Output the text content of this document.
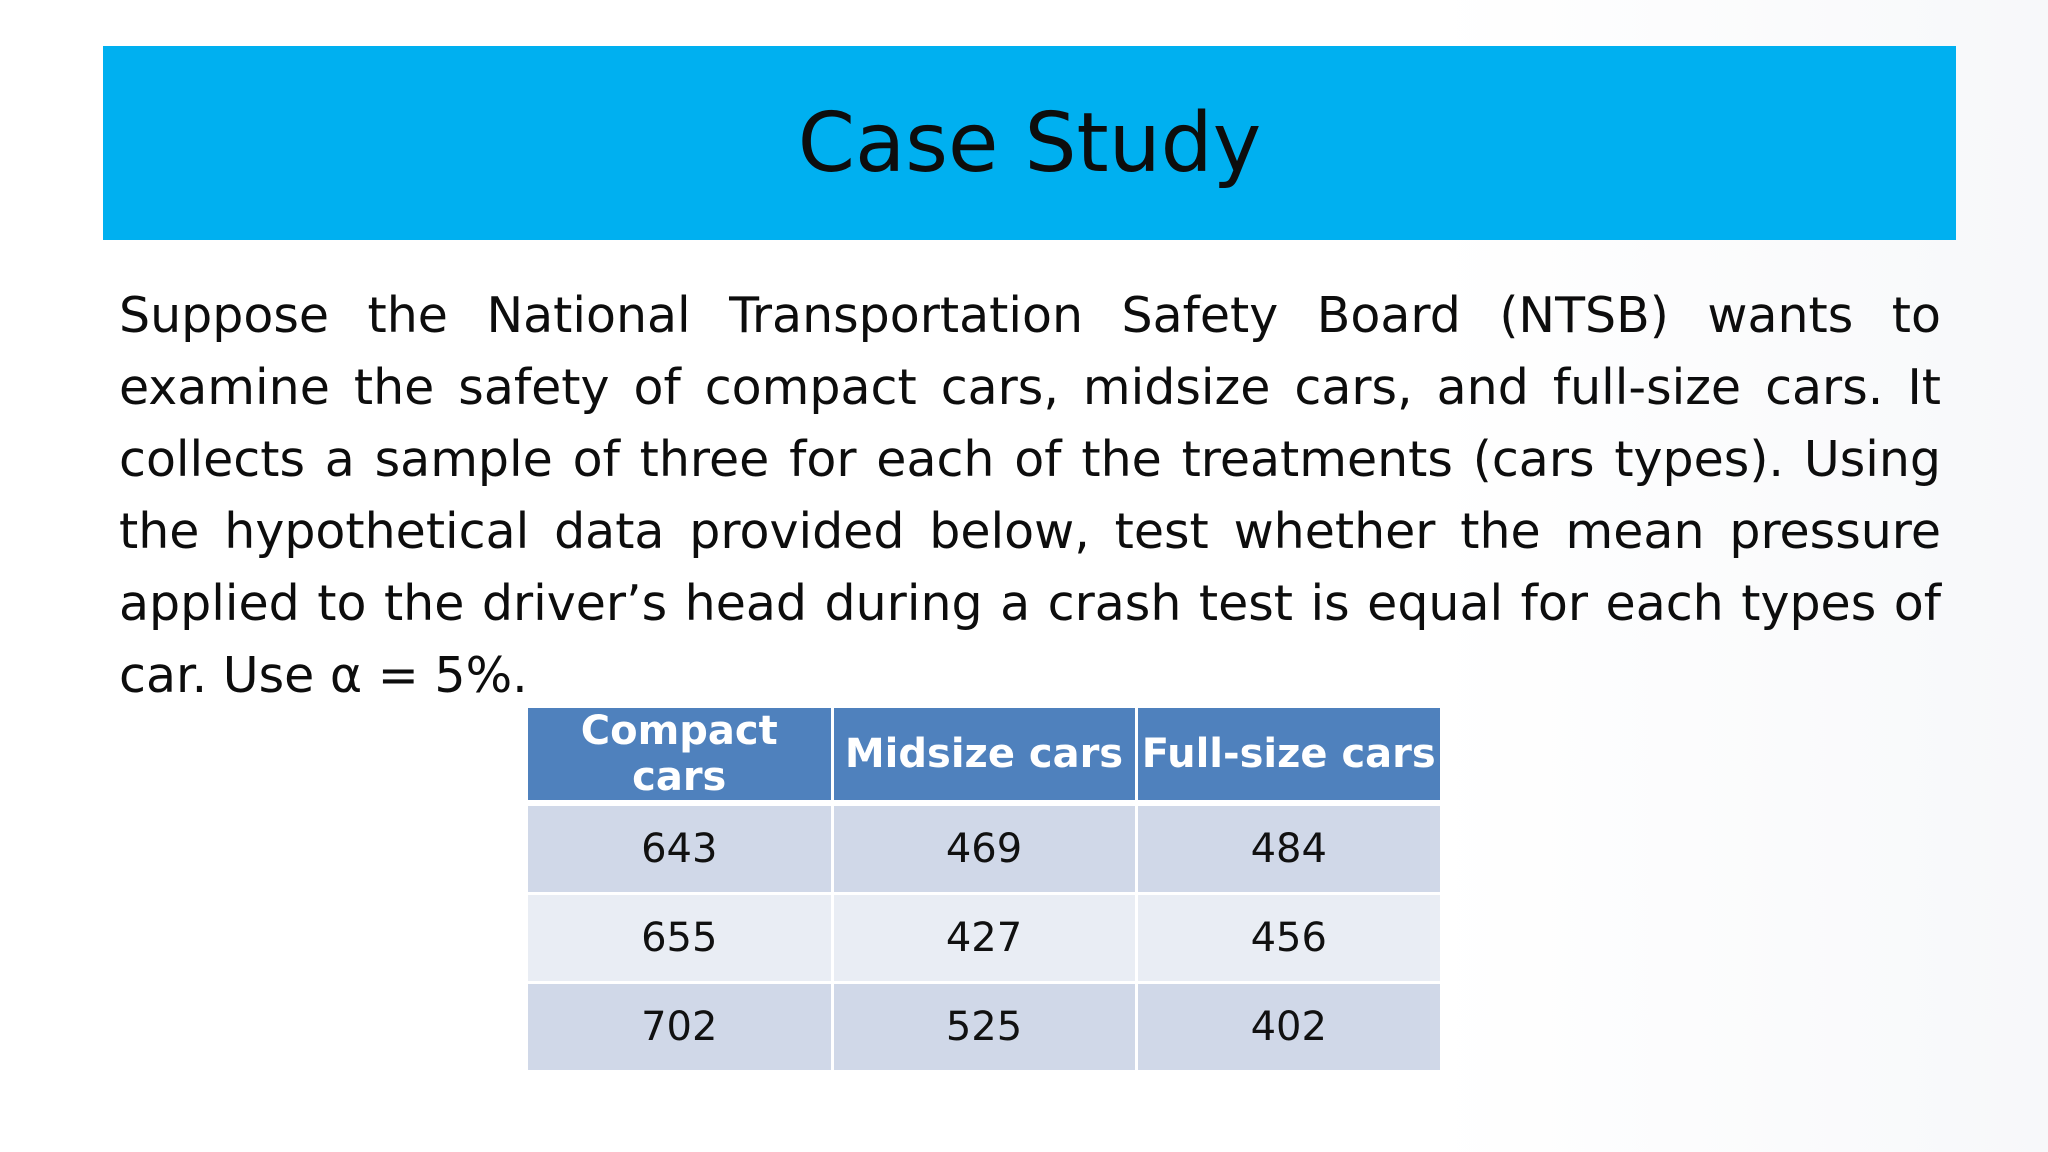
Case Study

Suppose the National Transportation Safety Board (NTSB) wants to examine the safety of compact cars, midsize cars, and full-size cars. It collects a sample of three for each of the treatments (cars types). Using the hypothetical data provided below, test whether the mean pressure applied to the driver’s head during a crash test is equal for each types of car. Use α = 5%.

Compact cars	Midsize cars	Full-size cars
643	469	484
655	427	456
702	525	402
